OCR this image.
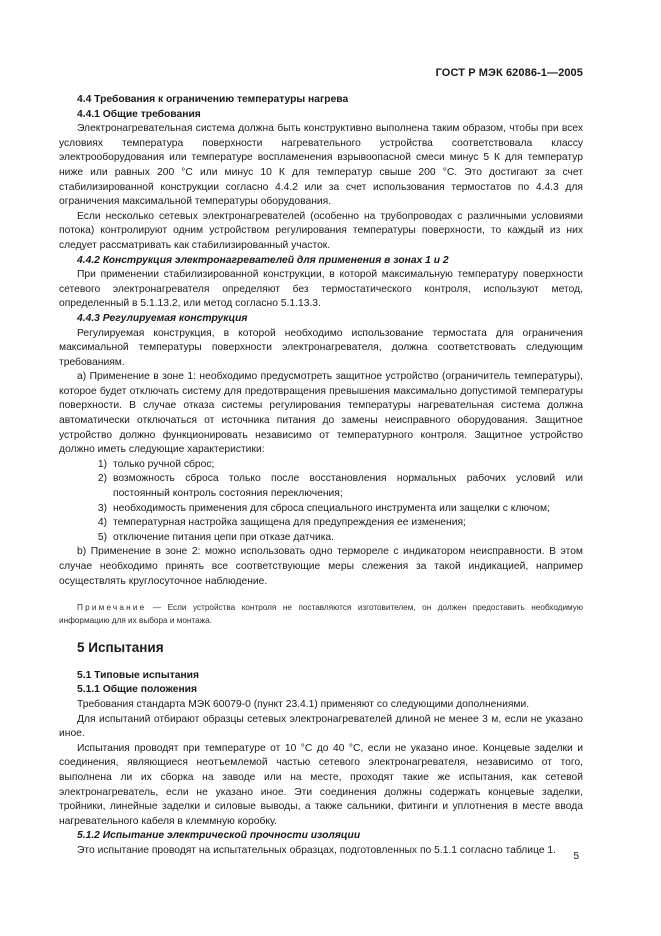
ГОСТ Р МЭК 62086-1—2005
4.4 Требования к ограничению температуры нагрева
4.4.1 Общие требования
Электронагревательная система должна быть конструктивно выполнена таким образом, чтобы при всех условиях температура поверхности нагревательного устройства соответствовала классу электрооборудования или температуре воспламенения взрывоопасной смеси минус 5 К для температур ниже или равных 200 °С или минус 10 К для температур свыше 200 °С. Это достигают за счет стабилизированной конструкции согласно 4.4.2 или за счет использования термостатов по 4.4.3 для ограничения максимальной температуры оборудования.
Если несколько сетевых электронагревателей (особенно на трубопроводах с различными условиями потока) контролируют одним устройством регулирования температуры поверхности, то каждый из них следует рассматривать как стабилизированный участок.
4.4.2 Конструкция электронагревателей для применения в зонах 1 и 2
При применении стабилизированной конструкции, в которой максимальную температуру поверхности сетевого электронагревателя определяют без термостатического контроля, используют метод, определенный в 5.1.13.2, или метод согласно 5.1.13.3.
4.4.3 Регулируемая конструкция
Регулируемая конструкция, в которой необходимо использование термостата для ограничения максимальной температуры поверхности электронагревателя, должна соответствовать следующим требованиям.
а) Применение в зоне 1: необходимо предусмотреть защитное устройство (ограничитель температуры), которое будет отключать систему для предотвращения превышения максимально допустимой температуры поверхности. В случае отказа системы регулирования температуры нагревательная система должна автоматически отключаться от источника питания до замены неисправного оборудования. Защитное устройство должно функционировать независимо от температурного контроля. Защитное устройство должно иметь следующие характеристики:
1) только ручной сброс;
2) возможность сброса только после восстановления нормальных рабочих условий или постоянный контроль состояния переключения;
3) необходимость применения для сброса специального инструмента или защелки с ключом;
4) температурная настройка защищена для предупреждения ее изменения;
5) отключение питания цепи при отказе датчика.
b) Применение в зоне 2: можно использовать одно термореле с индикатором неисправности. В этом случае необходимо принять все соответствующие меры слежения за такой индикацией, например осуществлять круглосуточное наблюдение.
Примечание — Если устройства контроля не поставляются изготовителем, он должен предоставить необходимую информацию для их выбора и монтажа.
5 Испытания
5.1 Типовые испытания
5.1.1 Общие положения
Требования стандарта МЭК 60079-0 (пункт 23.4.1) применяют со следующими дополнениями.
Для испытаний отбирают образцы сетевых электронагревателей длиной не менее 3 м, если не указано иное.
Испытания проводят при температуре от 10 °С до 40 °С, если не указано иное. Концевые заделки и соединения, являющиеся неотъемлемой частью сетевого электронагревателя, независимо от того, выполнена ли их сборка на заводе или на месте, проходят такие же испытания, как сетевой электронагреватель, если не указано иное. Эти соединения должны содержать концевые заделки, тройники, линейные заделки и силовые выводы, а также сальники, фитинги и уплотнения в месте ввода нагревательного кабеля в клеммную коробку.
5.1.2 Испытание электрической прочности изоляции
Это испытание проводят на испытательных образцах, подготовленных по 5.1.1 согласно таблице 1.
5
